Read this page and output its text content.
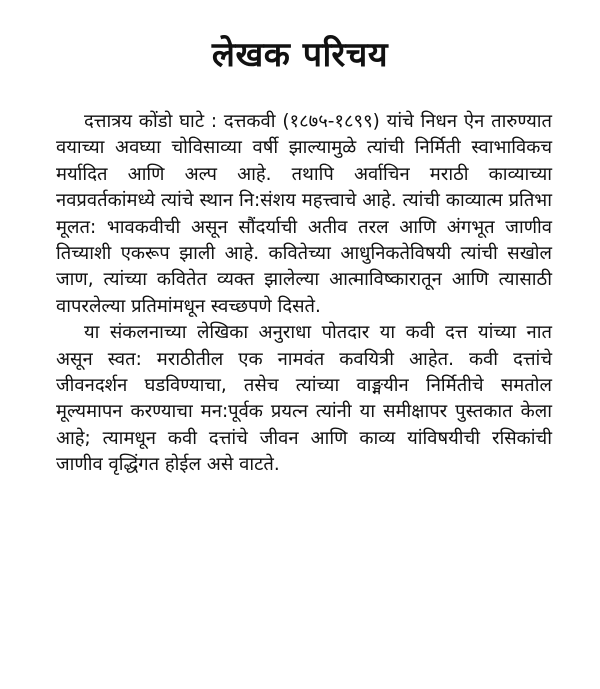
लेखक परिचय

दत्तात्रय कोंडो घाटे : दत्तकवी (१८७५-१८९९) यांचे निधन ऐन तारुण्यात वयाच्या अवघ्या चोविसाव्या वर्षी झाल्यामुळे त्यांची निर्मिती स्वाभाविकच मर्यादित आणि अल्प आहे. तथापि अर्वाचिन मराठी काव्याच्या नवप्रवर्तकांमध्ये त्यांचे स्थान नि:संशय महत्त्वाचे आहे. त्यांची काव्यात्म प्रतिभा मूलत: भावकवीची असून सौंदर्याची अतीव तरल आणि अंगभूत जाणीव तिच्याशी एकरूप झाली आहे. कवितेच्या आधुनिकतेविषयी त्यांची सखोल जाण, त्यांच्या कवितेत व्यक्त झालेल्या आत्माविष्कारातून आणि त्यासाठी वापरलेल्या प्रतिमांमधून स्वच्छपणे दिसते.

या संकलनाच्या लेखिका अनुराधा पोतदार या कवी दत्त यांच्या नात असून स्वत: मराठीतील एक नामवंत कवयित्री आहेत. कवी दत्तांचे जीवनदर्शन घडविण्याचा, तसेच त्यांच्या वाङ्मयीन निर्मितीचे समतोल मूल्यमापन करण्याचा मन:पूर्वक प्रयत्न त्यांनी या समीक्षापर पुस्तकात केला आहे; त्यामधून कवी दत्तांचे जीवन आणि काव्य यांविषयीची रसिकांची जाणीव वृद्धिंगत होईल असे वाटते.
